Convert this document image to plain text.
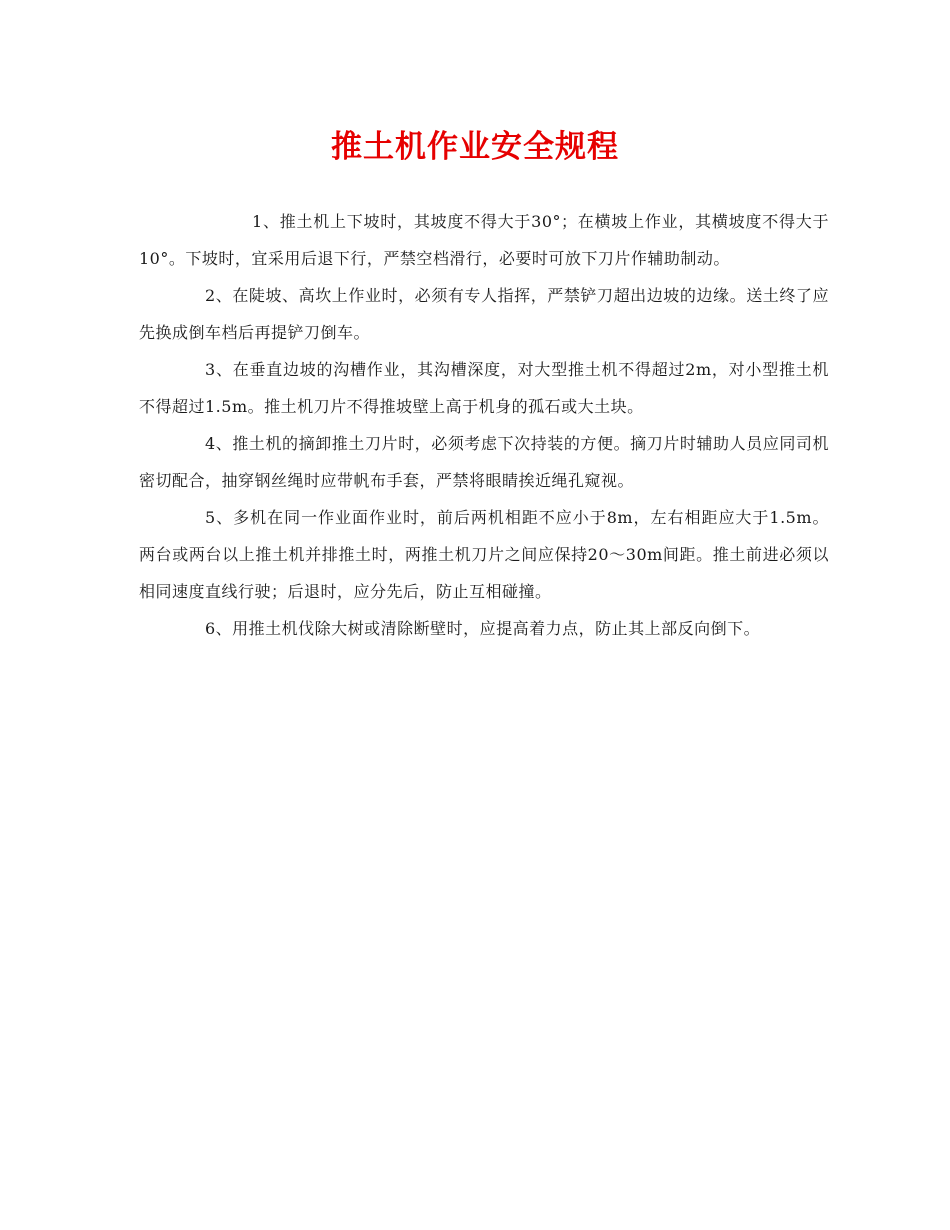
推土机作业安全规程

1、推土机上下坡时，其坡度不得大于30°；在横坡上作业，其横坡度不得大于10°。下坡时，宜采用后退下行，严禁空档滑行，必要时可放下刀片作辅助制动。

2、在陡坡、高坎上作业时，必须有专人指挥，严禁铲刀超出边坡的边缘。送土终了应先换成倒车档后再提铲刀倒车。

3、在垂直边坡的沟槽作业，其沟槽深度，对大型推土机不得超过2m，对小型推土机不得超过1.5m。推土机刀片不得推坡壁上高于机身的孤石或大土块。

4、推土机的摘卸推土刀片时，必须考虑下次持装的方便。摘刀片时辅助人员应同司机密切配合，抽穿钢丝绳时应带帆布手套，严禁将眼睛挨近绳孔窥视。

5、多机在同一作业面作业时，前后两机相距不应小于8m，左右相距应大于1.5m。两台或两台以上推土机并排推土时，两推土机刀片之间应保持20～30m间距。推土前进必须以相同速度直线行驶；后退时，应分先后，防止互相碰撞。

6、用推土机伐除大树或清除断壁时，应提高着力点，防止其上部反向倒下。
